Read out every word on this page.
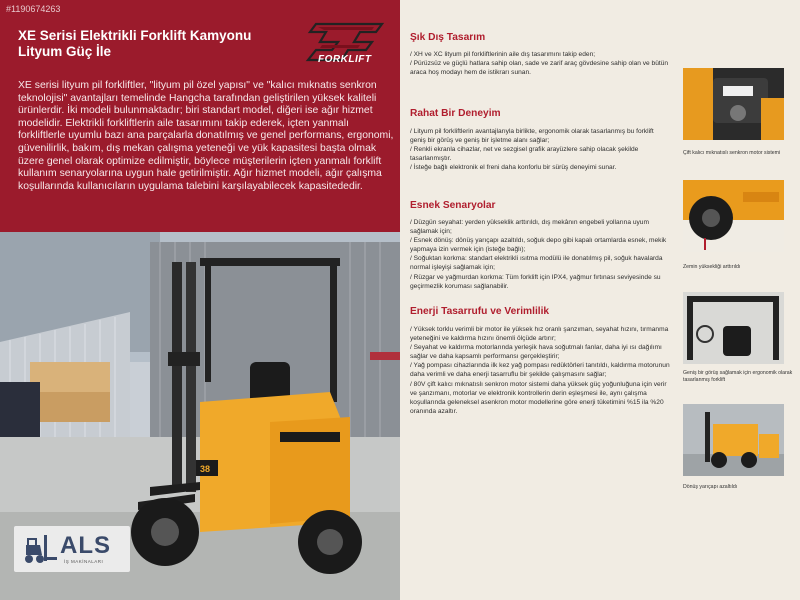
#1190674263
XE Serisi Elektrikli Forklift Kamyonu Lityum Güç İle
FORKLIFT
XE serisi lityum pil forkliftler, "lityum pil özel yapısı" ve "kalıcı mıknatıs senkron teknolojisi" avantajları temelinde Hangcha tarafından geliştirilen yüksek kaliteli ürünlerdir. İki modeli bulunmaktadır; biri standart model, diğeri ise ağır hizmet modelidir. Elektrikli forkliftlerin aile tasarımını takip ederek, içten yanmalı forkliftlerle uyumlu bazı ana parçalarla donatılmış ve genel performans, ergonomi, güvenilirlik, bakım, dış mekan çalışma yeteneği ve yük kapasitesi başta olmak üzere genel olarak optimize edilmiştir, böylece müşterilerin içten yanmalı forklift kullanım senaryolarına uygun hale getirilmiştir. Ağır hizmet modeli, ağır çalışma koşullarında kullanıcıların uygulama talebini karşılayabilecek kapasitededir.
38
ALS
İŞ MAKİNALARI
Şık Dış Tasarım
/ XH ve XC lityum pil forkliftlerinin aile dış tasarımını takip eden;
/ Pürüzsüz ve güçlü hatlara sahip olan, sade ve zarif araç gövdesine sahip olan ve bütün araca hoş modayı hem de istikrarı sunan.
Rahat Bir Deneyim
/ Lityum pil forkliftlerin avantajlarıyla birlikte, ergonomik olarak tasarlanmış bu forklift geniş bir görüş ve geniş bir işletme alanı sağlar;
/ Renkli ekranla cihazlar, net ve sezgisel grafik arayüzlere sahip olacak şekilde tasarlanmıştır.
/ İsteğe bağlı elektronik el freni daha konforlu bir sürüş deneyimi sunar.
Esnek Senaryolar
/ Düzgün seyahat: yerden yükseklik arttırıldı, dış mekânın engebeli yollarına uyum sağlamak için;
/ Esnek dönüş: dönüş yarıçapı azaltıldı, soğuk depo gibi kapalı ortamlarda esnek, mekik yapmaya izin vermek için (isteğe bağlı);
/ Soğuktan korkma: standart elektrikli ısıtma modülü ile donatılmış pil, soğuk havalarda normal işleyişi sağlamak için;
/ Rüzgar ve yağmurdan korkma: Tüm forklift için IPX4, yağmur fırtınası seviyesinde su geçirmezlik koruması sağlanabilir.
Enerji Tasarrufu ve Verimlilik
/ Yüksek torklu verimli bir motor ile yüksek hız oranlı şanzıman, seyahat hızını, tırmanma yeteneğini ve kaldırma hızını önemli ölçüde artırır;
/ Seyahat ve kaldırma motorlarında yerleşik hava soğutmalı fanlar, daha iyi ısı dağılımı sağlar ve daha kapsamlı performansı gerçekleştirir;
/ Yağ pompası cihazlarında ilk kez yağ pompası redüktörleri tanıtıldı, kaldırma motorunun daha verimli ve daha enerji tasarruflu bir şekilde çalışmasını sağlar;
/ 80V çift kalıcı mıknatıslı senkron motor sistemi daha yüksek güç yoğunluğuna için verir ve şanzımanı, motorlar ve elektronik kontrollerin derin eşleşmesi ile, aynı çalışma koşullarında geleneksel asenkron motor modellerine göre enerji tüketimini %15 ila %20 oranında azaltır.
Çift kalıcı mıknatıslı senkron motor sistemi
Zemin yüksekliği arttırıldı
Geniş bir görüş sağlamak için ergonomik olarak tasarlanmış forklift
Dönüş yarıçapı azaltıldı
